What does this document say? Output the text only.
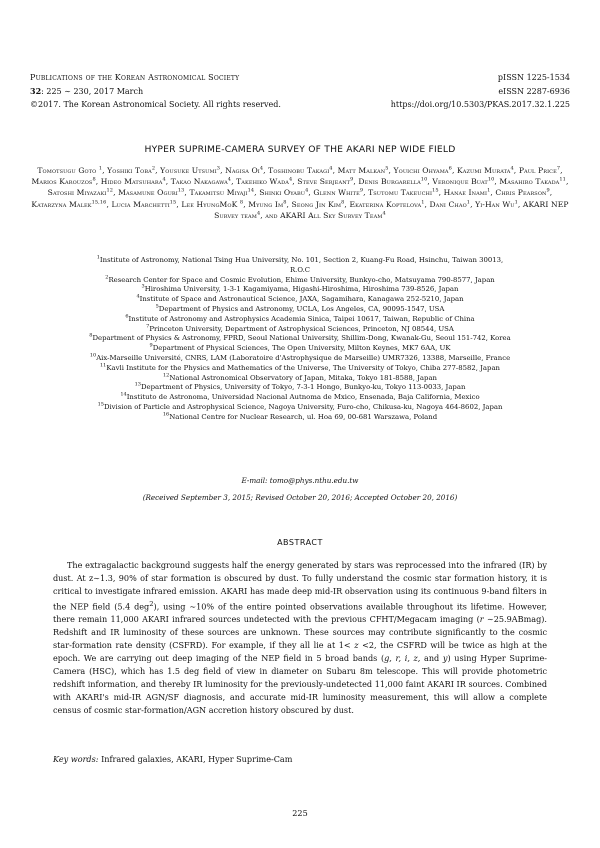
Publications of the Korean Astronomical Society
32: 225 ∼ 230, 2017 March
©2017. The Korean Astronomical Society. All rights reserved.
pISSN 1225-1534
eISSN 2287-6936
https://doi.org/10.5303/PKAS.2017.32.1.225
HYPER SUPRIME-CAMERA SURVEY OF THE AKARI NEP WIDE FIELD
Tomotsugu Goto $^1$, Yoshiki Toba$^2$, Yousuke Utsumi$^3$, Nagisa Oi$^4$, Toshinobu Takagi$^4$, Matt Malkan$^5$, Youichi Ohyama$^6$, Kazumi Murata$^4$, Paul Price$^7$, Marios Karouzos$^8$, Hideo Matsuhara$^4$, Takao Nakagawa$^4$, Takehiko Wada$^4$, Steve Serjeant$^9$, Denis Burgarella$^{10}$, Veronique Buat$^{10}$, Masahiro Takada$^{11}$, Satoshi Miyazaki$^{12}$, Masamune Oguri$^{13}$, Takamitsu Miyaji$^{14}$, Shinki Oyabu$^4$, Glenn White$^9$, Tsutomu Takeuchi$^{15}$, Hanae Inami$^1$, Chris Pearson$^9$, Katarzyna Malek$^{15,16}$, Lucia Marchetti$^{15}$, Lee HyungMoK $^8$, Myung Im$^8$, Seong Jin Kim$^8$, Ekaterina Koptelova$^1$, Dani Chao$^1$, Yi-Han Wu$^1$, AKARI NEP Survey team$^4$, and AKARI All Sky Survey Team$^4$
$^1$Institute of Astronomy, National Tsing Hua University, No. 101, Section 2, Kuang-Fu Road, Hsinchu, Taiwan 30013,
R.O.C
$^2$Research Center for Space and Cosmic Evolution, Ehime University, Bunkyo-cho, Matsuyama 790-8577, Japan
$^3$Hiroshima University, 1-3-1 Kagamiyama, Higashi-Hiroshima, Hiroshima 739-8526, Japan
$^4$Institute of Space and Astronautical Science, JAXA, Sagamihara, Kanagawa 252-5210, Japan
$^5$Department of Physics and Astronomy, UCLA, Los Angeles, CA, 90095-1547, USA
$^6$Institute of Astronomy and Astrophysics Academia Sinica, Taipei 10617, Taiwan, Republic of China
$^7$Princeton University, Department of Astrophysical Sciences, Princeton, NJ 08544, USA
$^8$Department of Physics & Astronomy, FPRD, Seoul National University, Shillim-Dong, Kwanak-Gu, Seoul 151-742, Korea
$^9$Department of Physical Sciences, The Open University, Milton Keynes, MK7 6AA, UK
$^{10}$Aix-Marseille Université, CNRS, LAM (Laboratoire d'Astrophysique de Marseille) UMR7326, 13388, Marseille, France
$^{11}$Kavli Institute for the Physics and Mathematics of the Universe, The University of Tokyo, Chiba 277-8582, Japan
$^{12}$National Astronomical Observatory of Japan, Mitaka, Tokyo 181-8588, Japan
$^{13}$Department of Physics, University of Tokyo, 7-3-1 Hongo, Bunkyo-ku, Tokyo 113-0033, Japan
$^{14}$Instituto de Astronoma, Universidad Nacional Autnoma de Mxico, Ensenada, Baja California, Mexico
$^{15}$Division of Particle and Astrophysical Science, Nagoya University, Furo-cho, Chikusa-ku, Nagoya 464-8602, Japan
$^{16}$National Centre for Nuclear Research, ul. Hoa 69, 00-681 Warszawa, Poland
E-mail: tomo@phys.nthu.edu.tw
(Received September 3, 2015; Revised October 20, 2016; Accepted October 20, 2016)
ABSTRACT
The extragalactic background suggests half the energy generated by stars was reprocessed into the infrared (IR) by dust. At z∼1.3, 90% of star formation is obscured by dust. To fully understand the cosmic star formation history, it is critical to investigate infrared emission. AKARI has made deep mid-IR observation using its continuous 9-band filters in the NEP field (5.4 deg$^2$), using ∼10% of the entire pointed observations available throughout its lifetime. However, there remain 11,000 AKARI infrared sources undetected with the previous CFHT/Megacam imaging (r ∼25.9ABmag). Redshift and IR luminosity of these sources are unknown. These sources may contribute significantly to the cosmic star-formation rate density (CSFRD). For example, if they all lie at 1< z <2, the CSFRD will be twice as high at the epoch. We are carrying out deep imaging of the NEP field in 5 broad bands (g, r, i, z, and y) using Hyper Suprime-Camera (HSC), which has 1.5 deg field of view in diameter on Subaru 8m telescope. This will provide photometric redshift information, and thereby IR luminosity for the previously-undetected 11,000 faint AKARI IR sources. Combined with AKARI's mid-IR AGN/SF diagnosis, and accurate mid-IR luminosity measurement, this will allow a complete census of cosmic star-formation/AGN accretion history obscured by dust.
Key words: Infrared galaxies, AKARI, Hyper Suprime-Cam
225
